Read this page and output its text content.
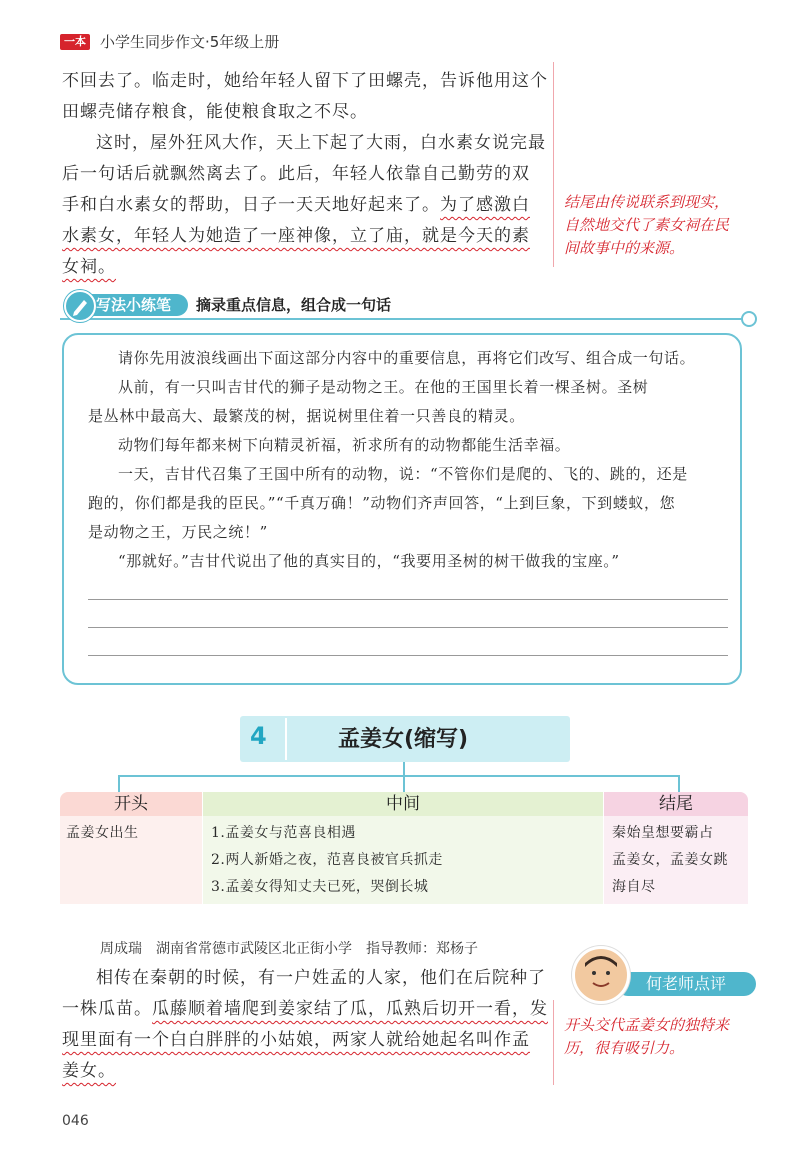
一本 小学生同步作文·5年级上册
不回去了。临走时，她给年轻人留下了田螺壳，告诉他用这个
田螺壳储存粮食，能使粮食取之不尽。
这时，屋外狂风大作，天上下起了大雨，白水素女说完最
后一句话后就飘然离去了。此后，年轻人依靠自己勤劳的双
手和白水素女的帮助，日子一天天地好起来了。为了感激白
水素女，年轻人为她造了一座神像，立了庙，就是今天的素
女祠。
结尾由传说联系到现实，
自然地交代了素女祠在民
间故事中的来源。
写法小练笔 摘录重点信息，组合成一句话
请你先用波浪线画出下面这部分内容中的重要信息，再将它们改写、组合成一句话。
从前，有一只叫吉甘代的狮子是动物之王。在他的王国里长着一棵圣树。圣树
是丛林中最高大、最繁茂的树，据说树里住着一只善良的精灵。
动物们每年都来树下向精灵祈福，祈求所有的动物都能生活幸福。
一天，吉甘代召集了王国中所有的动物，说：“不管你们是爬的、飞的、跳的，还是
跑的，你们都是我的臣民。”“千真万确！”动物们齐声回答，“上到巨象，下到蝼蚁，您
是动物之王，万民之统！”
“那就好。”吉甘代说出了他的真实目的，“我要用圣树的树干做我的宝座。”
4	孟姜女(缩写)
开头
孟姜女出生
中间
1.孟姜女与范喜良相遇
2.两人新婚之夜，范喜良被官兵抓走
3.孟姜女得知丈夫已死，哭倒长城
结尾
秦始皇想要霸占
孟姜女，孟姜女跳
海自尽
周成瑞　湖南省常德市武陵区北正街小学　指导教师：郑杨子
相传在秦朝的时候，有一户姓孟的人家，他们在后院种了
一株瓜苗。瓜藤顺着墙爬到姜家结了瓜，瓜熟后切开一看，发
现里面有一个白白胖胖的小姑娘，两家人就给她起名叫作孟
姜女。
何老师点评
开头交代孟姜女的独特来
历，很有吸引力。
046
